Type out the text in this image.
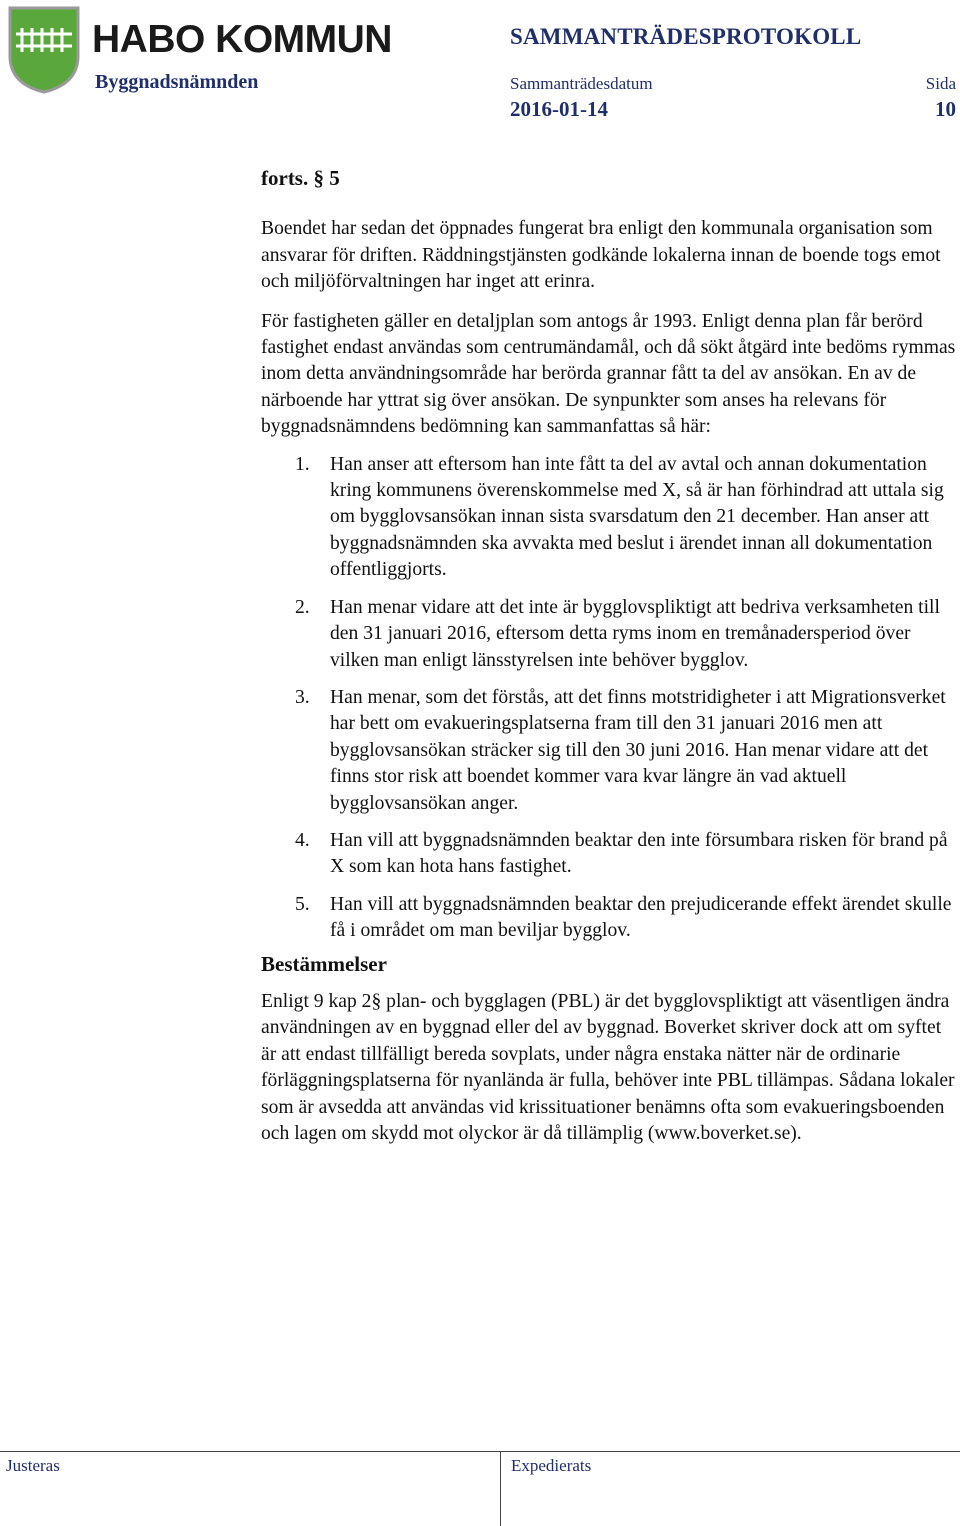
HABO KOMMUN
Byggnadsnämnden
SAMMANTRÄDESPROTOKOLL
Sammanträdesdatum
2016-01-14
Sida
10
forts. § 5

Boendet har sedan det öppnades fungerat bra enligt den kommunala organisation som ansvarar för driften. Räddningstjänsten godkände lokalerna innan de boende togs emot och miljöförvaltningen har inget att erinra.

För fastigheten gäller en detaljplan som antogs år 1993. Enligt denna plan får berörd fastighet endast användas som centrumändamål, och då sökt åtgärd inte bedöms rymmas inom detta användningsområde har berörda grannar fått ta del av ansökan. En av de närboende har yttrat sig över ansökan. De synpunkter som anses ha relevans för byggnadsnämndens bedömning kan sammanfattas så här:

1. Han anser att eftersom han inte fått ta del av avtal och annan dokumentation kring kommunens överenskommelse med X, så är han förhindrad att uttala sig om bygglovsansökan innan sista svarsdatum den 21 december. Han anser att byggnadsnämnden ska avvakta med beslut i ärendet innan all dokumentation offentliggjorts.
2. Han menar vidare att det inte är bygglovspliktigt att bedriva verksamheten till den 31 januari 2016, eftersom detta ryms inom en tremånadersperiod över vilken man enligt länsstyrelsen inte behöver bygglov.
3. Han menar, som det förstås, att det finns motstridigheter i att Migrationsverket har bett om evakueringsplatserna fram till den 31 januari 2016 men att bygglovsansökan sträcker sig till den 30 juni 2016. Han menar vidare att det finns stor risk att boendet kommer vara kvar längre än vad aktuell bygglovsansökan anger.
4. Han vill att byggnadsnämnden beaktar den inte försumbara risken för brand på X som kan hota hans fastighet.
5. Han vill att byggnadsnämnden beaktar den prejudicerande effekt ärendet skulle få i området om man beviljar bygglov.
Bestämmelser

Enligt 9 kap 2§ plan- och bygglagen (PBL) är det bygglovspliktigt att väsentligen ändra användningen av en byggnad eller del av byggnad. Boverket skriver dock att om syftet är att endast tillfälligt bereda sovplats, under några enstaka nätter när de ordinarie förläggningsplatserna för nyanlända är fulla, behöver inte PBL tillämpas. Sådana lokaler som är avsedda att användas vid krissituationer benämns ofta som evakueringsboenden och lagen om skydd mot olyckor är då tillämplig (www.boverket.se).

Justeras	Expedierats
